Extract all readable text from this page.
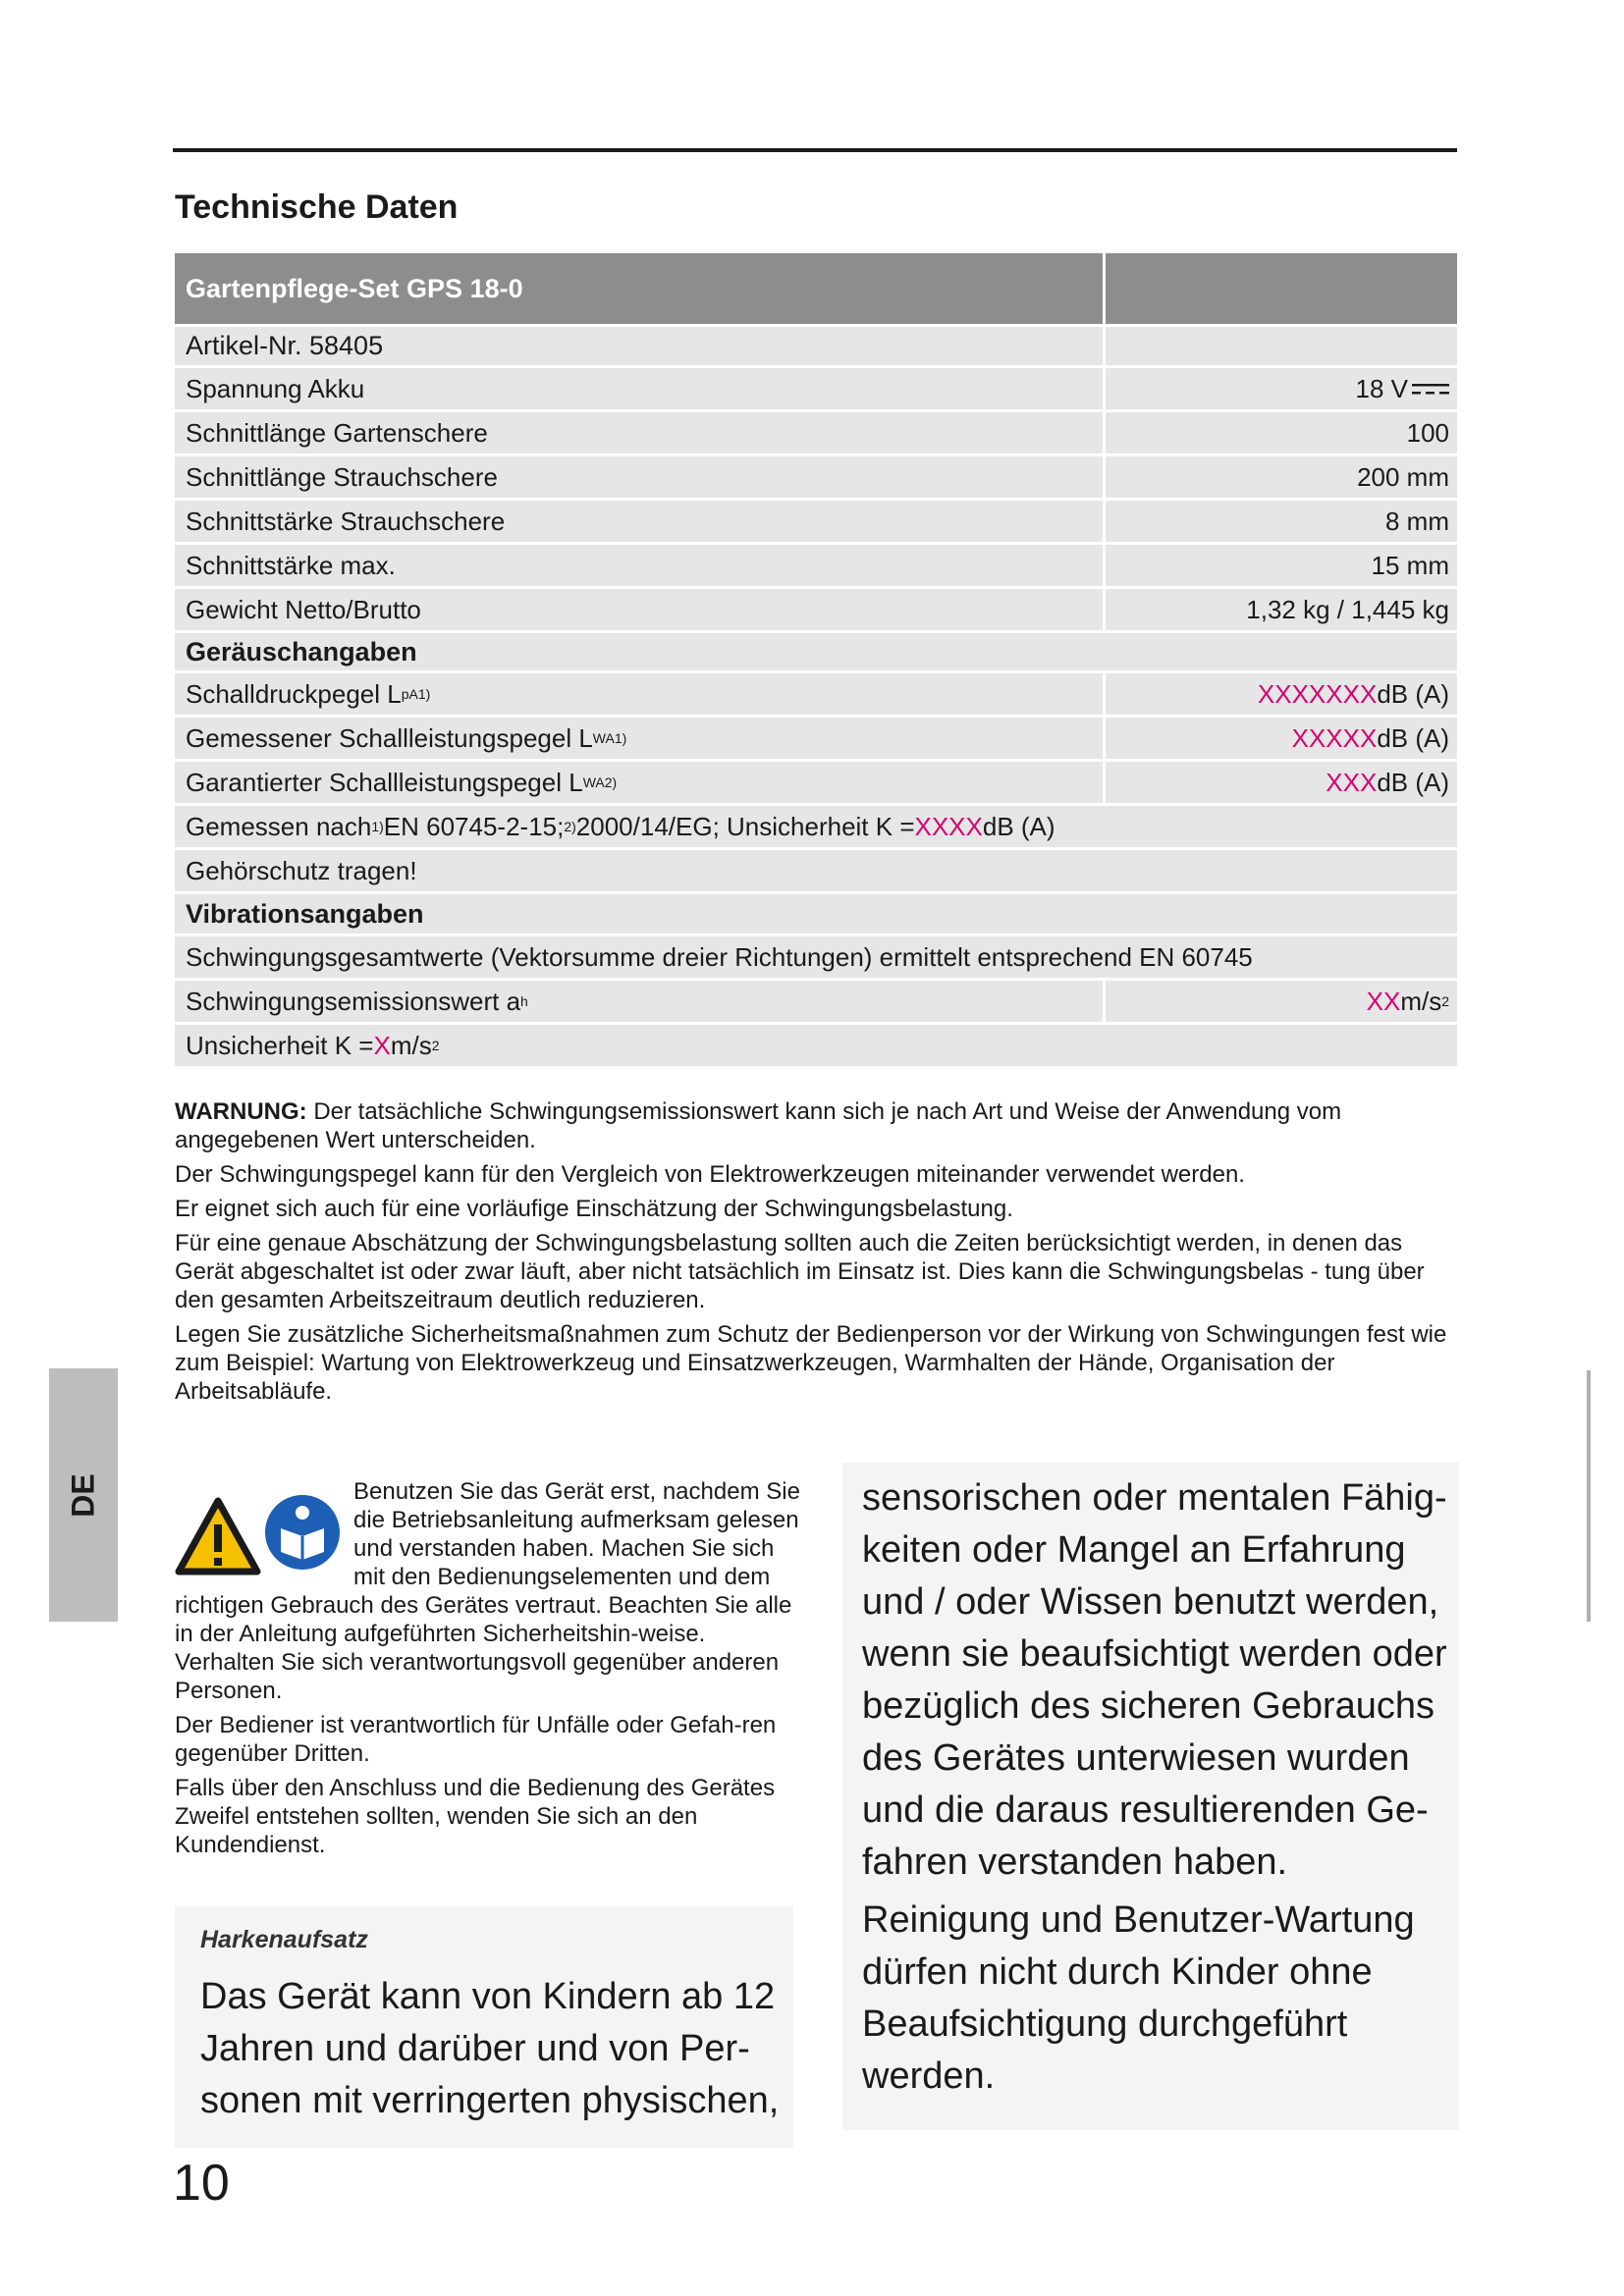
Technische Daten
Gartenpflege-Set GPS 18-0
Artikel-Nr. 58405
Spannung Akku	18 V
Schnittlänge Gartenschere	100
Schnittlänge Strauchschere	200 mm
Schnittstärke Strauchschere	8 mm
Schnittstärke max.	15 mm
Gewicht Netto/Brutto	1,32 kg / 1,445 kg
Geräuschangaben
Schalldruckpegel L pA 1)	XXXXXXX dB (A)
Gemessener Schallleistungspegel L WA 1)	XXXXX dB (A)
Garantierter Schallleistungspegel L WA 2)	XXX dB (A)
Gemessen nach 1) EN 60745-2-15; 2) 2000/14/EG; Unsicherheit K = XXXX dB (A)
Gehörschutz tragen!
Vibrationsangaben
Schwingungsgesamtwerte (Vektorsumme dreier Richtungen) ermittelt entsprechend EN 60745
Schwingungsemissionswert a h	XX m/s 2
Unsicherheit K = X m/s 2

WARNUNG: Der tatsächliche Schwingungsemissionswert kann sich je nach Art und Weise der Anwendung vom angegebenen Wert unterscheiden.

Der Schwingungspegel kann für den Vergleich von Elektrowerkzeugen miteinander verwendet werden.

Er eignet sich auch für eine vorläufige Einschätzung der Schwingungsbelastung.

Für eine genaue Abschätzung der Schwingungsbelastung sollten auch die Zeiten berücksichtigt werden, in denen das Gerät abgeschaltet ist oder zwar läuft, aber nicht tatsächlich im Einsatz ist. Dies kann die Schwingungsbelas - tung über den gesamten Arbeitszeitraum deutlich reduzieren.

Legen Sie zusätzliche Sicherheitsmaßnahmen zum Schutz der Bedienperson vor der Wirkung von Schwingungen fest wie zum Beispiel: Wartung von Elektrowerkzeug und Einsatzwerkzeugen, Warmhalten der Hände, Organisation der Arbeitsabläufe.

DE	Benutzen Sie das Gerät erst, nachdem Sie die Betriebsanleitung aufmerksam gelesen und verstanden haben. Machen Sie sich mit den Bedienungselementen und dem richtigen Gebrauch des Gerätes vertraut. Beachten Sie alle in der Anleitung aufgeführten Sicherheitshin-weise. Verhalten Sie sich verantwortungsvoll gegenüber anderen Personen.

Der Bediener ist verantwortlich für Unfälle oder Gefah-ren gegenüber Dritten.

Falls über den Anschluss und die Bedienung des Gerätes Zweifel entstehen sollten, wenden Sie sich an den Kundendienst.

Harkenaufsatz
Das Gerät kann von Kindern ab 12 Jahren und darüber und von Per-sonen mit verringerten physischen,

sensorischen oder mentalen Fähig-keiten oder Mangel an Erfahrung und / oder Wissen benutzt werden, wenn sie beaufsichtigt werden oder bezüglich des sicheren Gebrauchs des Gerätes unterwiesen wurden und die daraus resultierenden Ge-fahren verstanden haben.

Reinigung und Benutzer-Wartung dürfen nicht durch Kinder ohne Beaufsichtigung durchgeführt werden.

10
